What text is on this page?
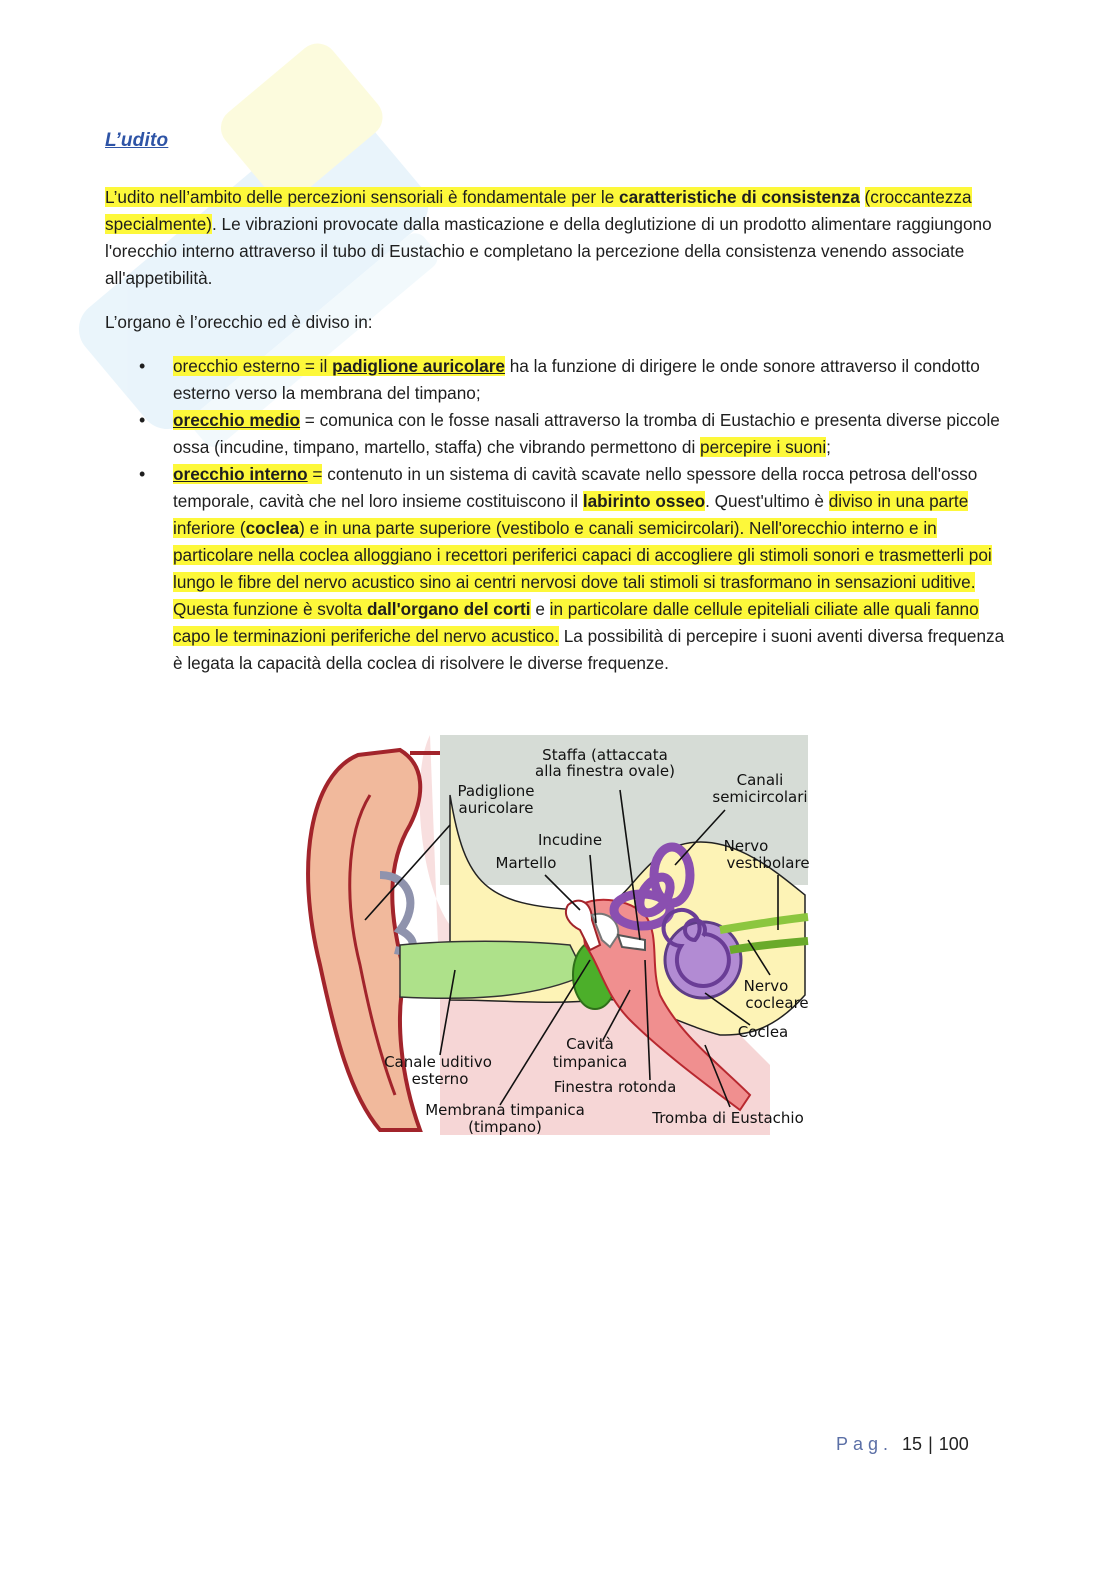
L’udito

L’udito nell’ambito delle percezioni sensoriali è fondamentale per le caratteristiche di consistenza (croccantezza specialmente). Le vibrazioni provocate dalla masticazione e della deglutizione di un prodotto alimentare raggiungono l'orecchio interno attraverso il tubo di Eustachio e completano la percezione della consistenza venendo associate all'appetibilità.

L’organo è l’orecchio ed è diviso in:

• orecchio esterno = il padiglione auricolare ha la funzione di dirigere le onde sonore attraverso il condotto esterno verso la membrana del timpano;
• orecchio medio = comunica con le fosse nasali attraverso la tromba di Eustachio e presenta diverse piccole ossa (incudine, timpano, martello, staffa) che vibrando permettono di percepire i suoni;
• orecchio interno = contenuto in un sistema di cavità scavate nello spessore della rocca petrosa dell'osso temporale, cavità che nel loro insieme costituiscono il labirinto osseo. Quest'ultimo è diviso in una parte inferiore (coclea) e in una parte superiore (vestibolo e canali semicircolari). Nell'orecchio interno e in particolare nella coclea alloggiano i recettori periferici capaci di accogliere gli stimoli sonori e trasmetterli poi lungo le fibre del nervo acustico sino ai centri nervosi dove tali stimoli si trasformano in sensazioni uditive. Questa funzione è svolta dall'organo del corti e in particolare dalle cellule epiteliali ciliate alle quali fanno capo le terminazioni periferiche del nervo acustico. La possibilità di percepire i suoni aventi diversa frequenza è legata la capacità della coclea di risolvere le diverse frequenze.
Staffa (attaccata
alla finestra ovale)
Padiglione
auricolare
Canali
semicircolari
Incudine
Martello
Nervo
vestibolare
Nervo
cocleare
Coclea
Canale uditivo
esterno
Cavità
timpanica
Finestra rotonda
Membrana timpanica
(timpano)	Tromba di Eustachio
Pag. 15 | 100
